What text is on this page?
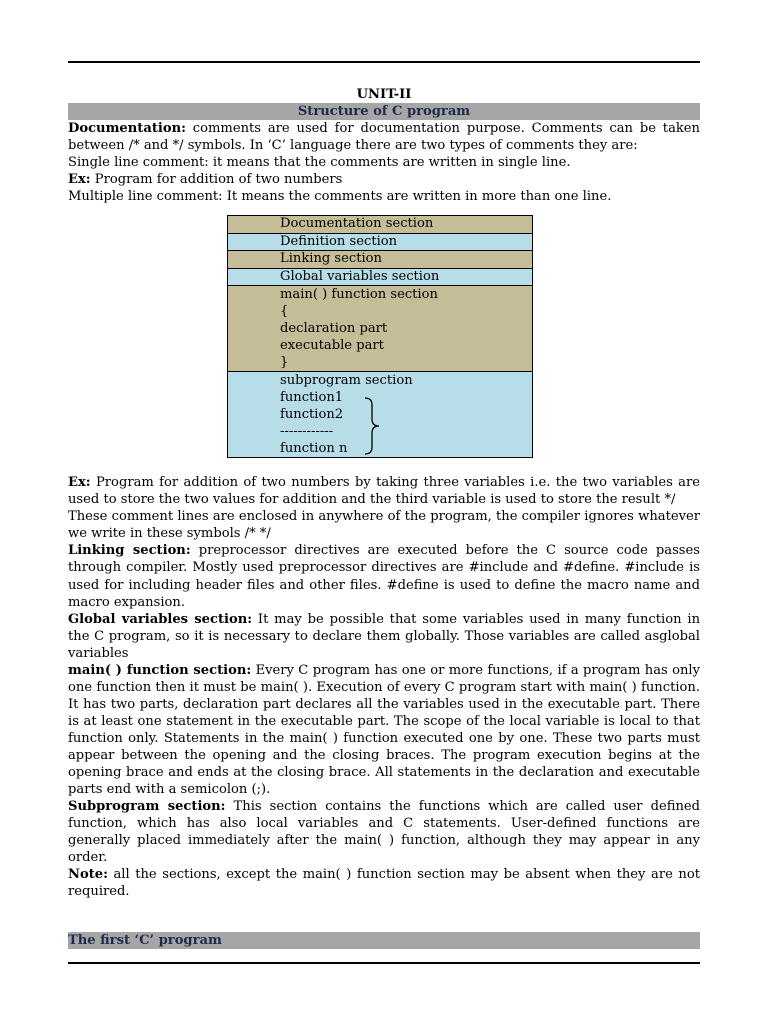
UNIT-II
Structure of C program

Documentation: comments are used for documentation purpose. Comments can be taken between /* and */ symbols. In ‘C’ language there are two types of comments they are:

Single line comment: it means that the comments are written in single line.

Ex: Program for addition of two numbers

Multiple line comment: It means the comments are written in more than one line.

Documentation section
Definition section
Linking section
Global variables section
main( ) function section
{
declaration part
executable part
}
subprogram section
function1
function2
------------
function n

Ex: Program for addition of two numbers by taking three variables i.e. the two variables are used to store the two values for addition and the third variable is used to store the result */

These comment lines are enclosed in anywhere of the program, the compiler ignores whatever we write in these symbols /* */

Linking section: preprocessor directives are executed before the C source code passes through compiler. Mostly used preprocessor directives are #include and #define. #include is used for including header files and other files. #define is used to define the macro name and macro expansion.

Global variables section: It may be possible that some variables used in many function in the C program, so it is necessary to declare them globally. Those variables are called asglobal variables

main( ) function section: Every C program has one or more functions, if a program has only one function then it must be main( ). Execution of every C program start with main( ) function. It has two parts, declaration part declares all the variables used in the executable part. There is at least one statement in the executable part. The scope of the local variable is local to that function only. Statements in the main( ) function executed one by one. These two parts must appear between the opening and the closing braces. The program execution begins at the opening brace and ends at the closing brace. All statements in the declaration and executable parts end with a semicolon (;).

Subprogram section: This section contains the functions which are called user defined function, which has also local variables and C statements. User-defined functions are generally placed immediately after the main( ) function, although they may appear in any order.

Note: all the sections, except the main( ) function section may be absent when they are not required.

The first ‘C’ program
